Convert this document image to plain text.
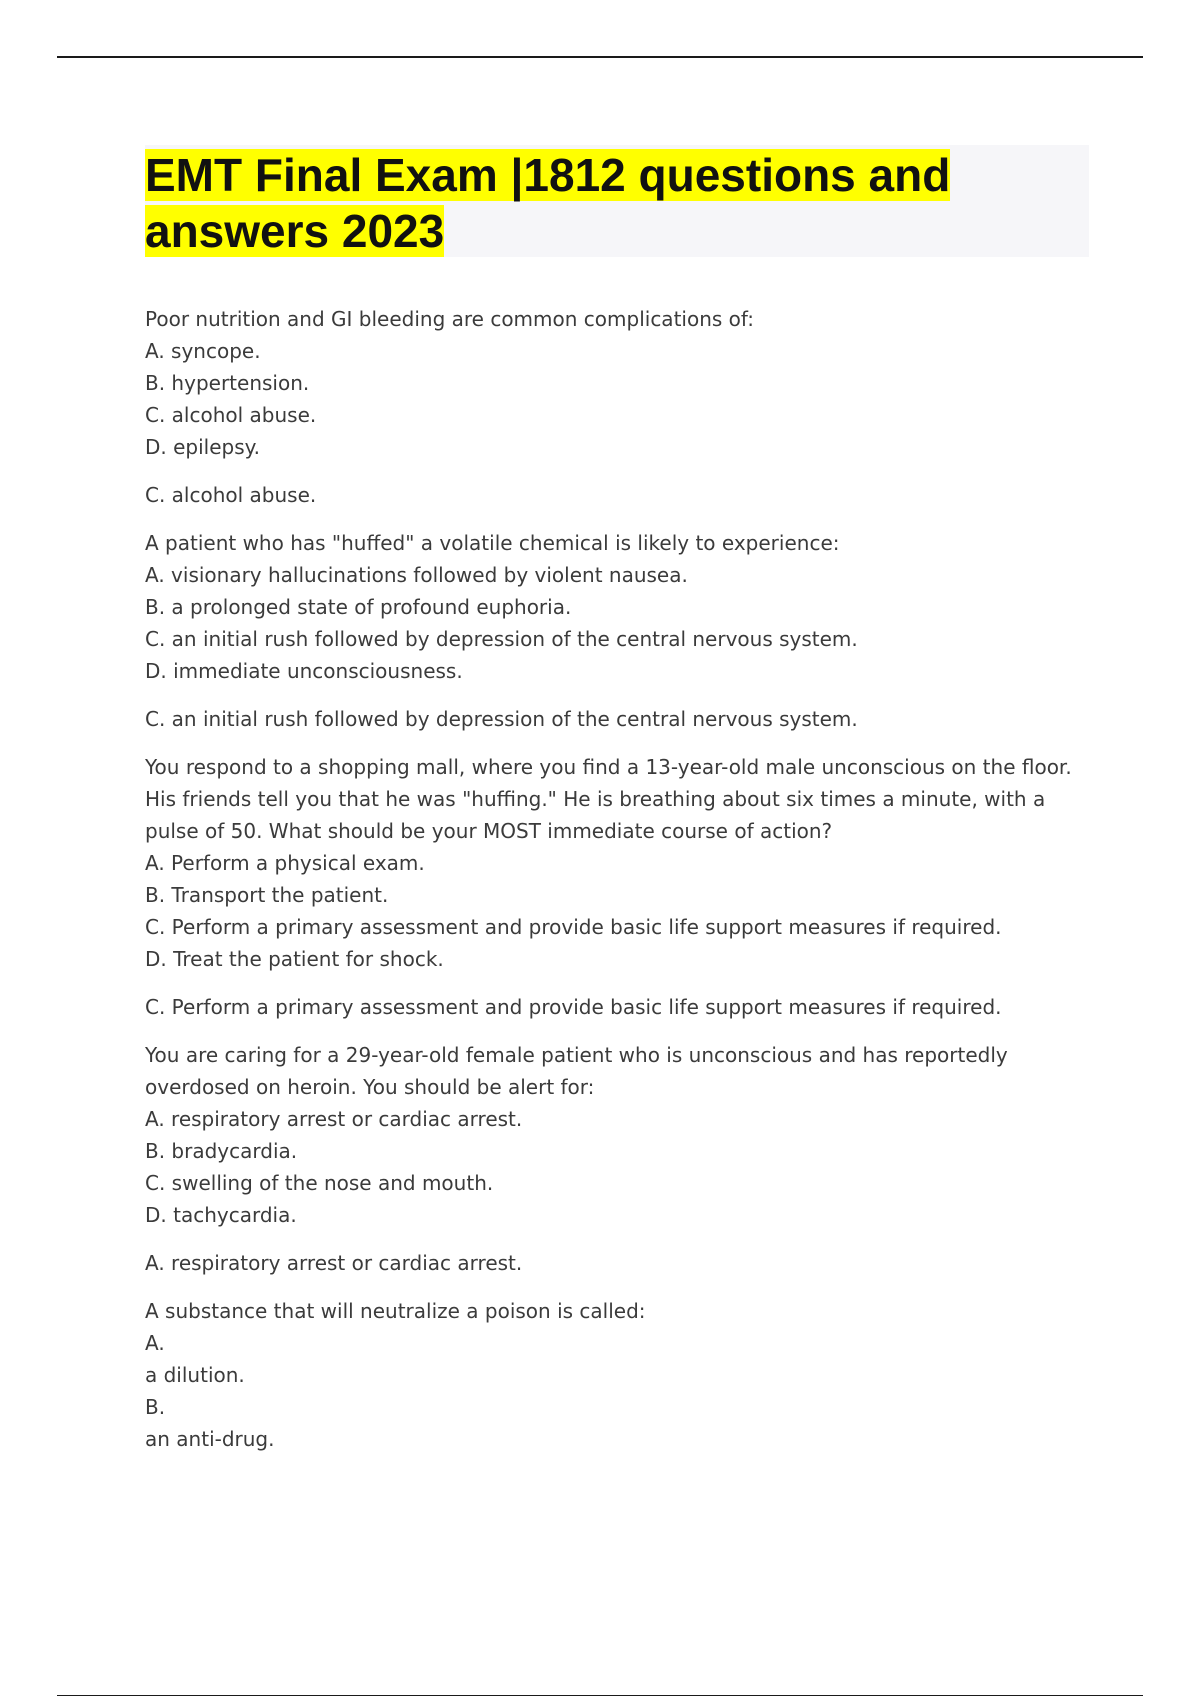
EMT Final Exam |1812 questions and answers 2023

Poor nutrition and GI bleeding are common complications of:

A. syncope.

B. hypertension.

C. alcohol abuse.

D. epilepsy.

C. alcohol abuse.

A patient who has "huffed" a volatile chemical is likely to experience:

A. visionary hallucinations followed by violent nausea.

B. a prolonged state of profound euphoria.

C. an initial rush followed by depression of the central nervous system.

D. immediate unconsciousness.

C. an initial rush followed by depression of the central nervous system.

You respond to a shopping mall, where you find a 13-year-old male unconscious on the floor. His friends tell you that he was "huffing." He is breathing about six times a minute, with a pulse of 50. What should be your MOST immediate course of action?

A. Perform a physical exam.

B. Transport the patient.

C. Perform a primary assessment and provide basic life support measures if required.

D. Treat the patient for shock.

C. Perform a primary assessment and provide basic life support measures if required.

You are caring for a 29-year-old female patient who is unconscious and has reportedly overdosed on heroin. You should be alert for:

A. respiratory arrest or cardiac arrest.

B. bradycardia.

C. swelling of the nose and mouth.

D. tachycardia.

A. respiratory arrest or cardiac arrest.

A substance that will neutralize a poison is called:

A.

a dilution.

B.

an anti-drug.
